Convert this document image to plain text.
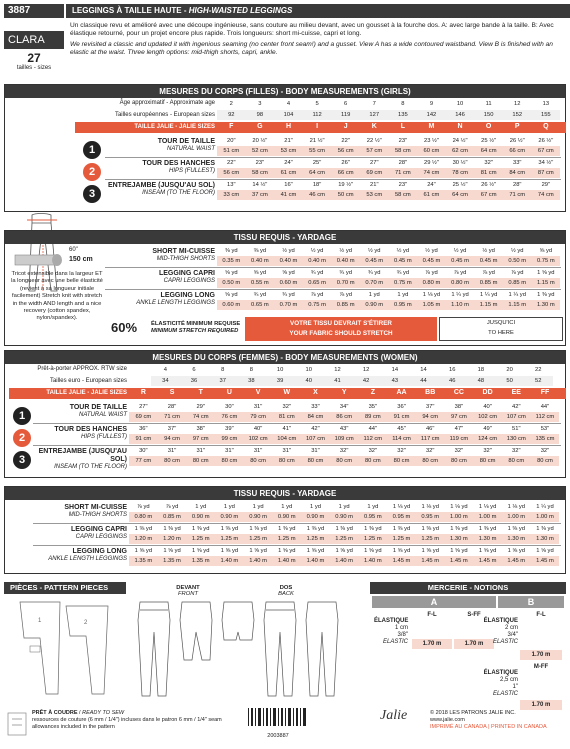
3887	LEGGINGS À TAILLE HAUTE - HIGH-WAISTED LEGGINGS
CLARA
27
tailles - sizes

Un classique revu et amélioré avec une découpe ingénieuse, sans couture au milieu devant, avec un gousset à la fourche dos. A: avec large bande à la taille. B: Avec élastique retourné, pour un projet encore plus rapide. Trois longueurs: short mi-cuisse, capri et long.

We revisited a classic and updated it with ingenious seaming (no center front seam!) and a gusset. View A has a wide contoured waistband. View B is finished with an elastic at the waist. Three length options: mid-thigh shorts, capri, ankle.

MESURES DU CORPS (FILLES) - BODY MEASUREMENTS (GIRLS)
Âge approximatif - Approximate age	2	3	4	5	6	7	8	9	10	11	12	13
Tailles européennes - European sizes	92	98	104	112	119	127	135	142	146	150	152	155
TAILLE JALIE - JALIE SIZES	F	G	H	I	J	K	L	M	N	O	P	Q
1
2
3
TOUR DE TAILLE
NATURAL WAIST
20"	20 ½"	21"	21 ½"	22"	22 ½"	23"	23 ½"	24 ½"	25 ½"	26 ½"	26 ½"
51 cm	52 cm	53 cm	55 cm	56 cm	57 cm	58 cm	60 cm	62 cm	64 cm	66 cm	67 cm
TOUR DES HANCHES
HIPS (FULLEST)
22"	23"	24"	25"	26"	27"	28"	29 ½"	30 ½"	32"	33"	34 ½"
56 cm	58 cm	61 cm	64 cm	66 cm	69 cm	71 cm	74 cm	78 cm	81 cm	84 cm	87 cm
ENTREJAMBE (JUSQU'AU SOL)
INSEAM (TO THE FLOOR)
13"	14 ½"	16"	18"	19 ½"	21"	23"	24"	25 ½"	26 ½"	28"	29"
33 cm	37 cm	41 cm	46 cm	50 cm	53 cm	58 cm	61 cm	64 cm	67 cm	71 cm	74 cm
TISSU REQUIS - YARDAGE
60"
150 cm
Tricot extensible dans la largeur ET la longueur avec une belle élasticité (revient à sa longueur initiale facilement) Stretch knit with stretch in the width AND length and a nice recovery (cotton spandex, nylon/spandex).
SHORT MI-CUISSE
MID-THIGH SHORTS
⅜ yd	⅜ yd	½ yd	½ yd	½ yd	½ yd	½ yd	½ yd	½ yd	½ yd	½ yd	⅝ yd
0.35 m	0.40 m	0.40 m	0.40 m	0.40 m	0.45 m	0.45 m	0.45 m	0.45 m	0.45 m	0.50 m	0.75 m
LEGGING CAPRI
CAPRI LEGGINGS
⅝ yd	⅝ yd	⅝ yd	¾ yd	¾ yd	¾ yd	¾ yd	⅞ yd	⅞ yd	⅞ yd	⅞ yd	1 ⅝ yd
0.50 m	0.55 m	0.60 m	0.65 m	0.70 m	0.70 m	0.75 m	0.80 m	0.80 m	0.85 m	0.85 m	1.15 m
LEGGING LONG
ANKLE LENGTH LEGGINGS
⅝ yd	¾ yd	¾ yd	⅞ yd	⅞ yd	1 yd	1 yd	1 ⅛ yd	1 ¼ yd	1 ¼ yd	1 ¼ yd	1 ⅜ yd
0.60 m	0.65 m	0.70 m	0.75 m	0.85 m	0.90 m	0.95 m	1.05 m	1.10 m	1.15 m	1.15 m	1.30 m
60% ÉLASTICITÉ MINIMUM REQUISE
MINIMUM STRETCH REQUIRED
VOTRE TISSU DEVRAIT S'ÉTIRER
YOUR FABRIC SHOULD STRETCH
JUSQU'ICI
TO HERE
MESURES DU CORPS (FEMMES) - BODY MEASUREMENTS (WOMEN)
Prêt-à-porter APPROX. RTW size	4	6	8	8	10	10	12	12	14	14	16	18	20	22
Tailles euro - European sizes	34	36	37	38	39	40	41	42	43	44	46	48	50	52
TAILLE JALIE - JALIE SIZES	R	S	T	U	V	W	X	Y	Z	AA	BB	CC	DD	EE	FF
1
2
3
TOUR DE TAILLE
NATURAL WAIST
27"	28"	29"	30"	31"	32"	33"	34"	35"	36"	37"	38"	40"	42"	44"
69 cm	71 cm	74 cm	76 cm	79 cm	81 cm	84 cm	86 cm	89 cm	91 cm	94 cm	97 cm	102 cm	107 cm	112 cm
TOUR DES HANCHES
HIPS (FULLEST)
36"	37"	38"	39"	40"	41"	42"	43"	44"	45"	46"	47"	49"	51"	53"
91 cm	94 cm	97 cm	99 cm	102 cm	104 cm	107 cm	109 cm	112 cm	114 cm	117 cm	119 cm	124 cm	130 cm	135 cm
ENTREJAMBE (JUSQU'AU SOL)
INSEAM (TO THE FLOOR)
30"	31"	31"	31"	31"	31"	31"	32"	32"	32"	32"	32"	32"	32"	32"
77 cm	80 cm	80 cm	80 cm	80 cm	80 cm	80 cm	80 cm	80 cm	80 cm	80 cm	80 cm	80 cm	80 cm	80 cm
TISSU REQUIS - YARDAGE
SHORT MI-CUISSE
MID-THIGH SHORTS
⅞ yd	⅞ yd	1 yd	1 yd	1 yd	1 yd	1 yd	1 yd	1 yd	1 ⅛ yd	1 ⅛ yd	1 ⅛ yd	1 ⅛ yd	1 ⅛ yd	1 ¼ yd
0.80 m	0.85 m	0.90 m	0.90 m	0.90 m	0.90 m	0.90 m	0.90 m	0.95 m	0.95 m	0.95 m	1.00 m	1.00 m	1.00 m	1.00 m
LEGGING CAPRI
CAPRI LEGGINGS
1 ⅜ yd	1 ⅜ yd	1 ⅜ yd	1 ⅜ yd	1 ⅜ yd	1 ⅜ yd	1 ⅜ yd	1 ⅜ yd	1 ⅜ yd	1 ⅜ yd	1 ⅜ yd	1 ⅜ yd	1 ⅜ yd	1 ⅜ yd	1 ⅜ yd
1.20 m	1.20 m	1.25 m	1.25 m	1.25 m	1.25 m	1.25 m	1.25 m	1.25 m	1.25 m	1.25 m	1.30 m	1.30 m	1.30 m	1.30 m
LEGGING LONG
ANKLE LENGTH LEGGINGS
1 ⅝ yd	1 ⅝ yd	1 ⅝ yd	1 ⅝ yd	1 ⅝ yd	1 ⅝ yd	1 ⅝ yd	1 ⅝ yd	1 ⅝ yd	1 ⅝ yd	1 ⅝ yd	1 ⅝ yd	1 ⅝ yd	1 ⅝ yd	1 ⅝ yd
1.35 m	1.35 m	1.35 m	1.40 m	1.40 m	1.40 m	1.40 m	1.40 m	1.40 m	1.45 m	1.45 m	1.45 m	1.45 m	1.45 m	1.45 m
PIÈCES - PATTERN PIECES
1	2
DEVANT
FRONT
DOS
BACK
MERCERIE - NOTIONS
A	B
ÉLASTIQUE
1 cm
3/8"
ELASTIC
F-L	S-FF
1.70 m	1.70 m
F-L
ÉLASTIQUE
2 cm
3/4"
ELASTIC
1.70 m
M-FF
ÉLASTIQUE
2,5 cm
1"
ELASTIC
1.70 m
PRÊT À COUDRE / READY TO SEW
ressources de couture (6 mm / 1/4") incluses dans le patron 6 mm / 1/4" seam allowances included in the pattern
2003887
Jalie	© 2018 LES PATRONS JALIE INC.
www.jalie.com
IMPRIMÉ AU CANADA | PRINTED IN CANADA
